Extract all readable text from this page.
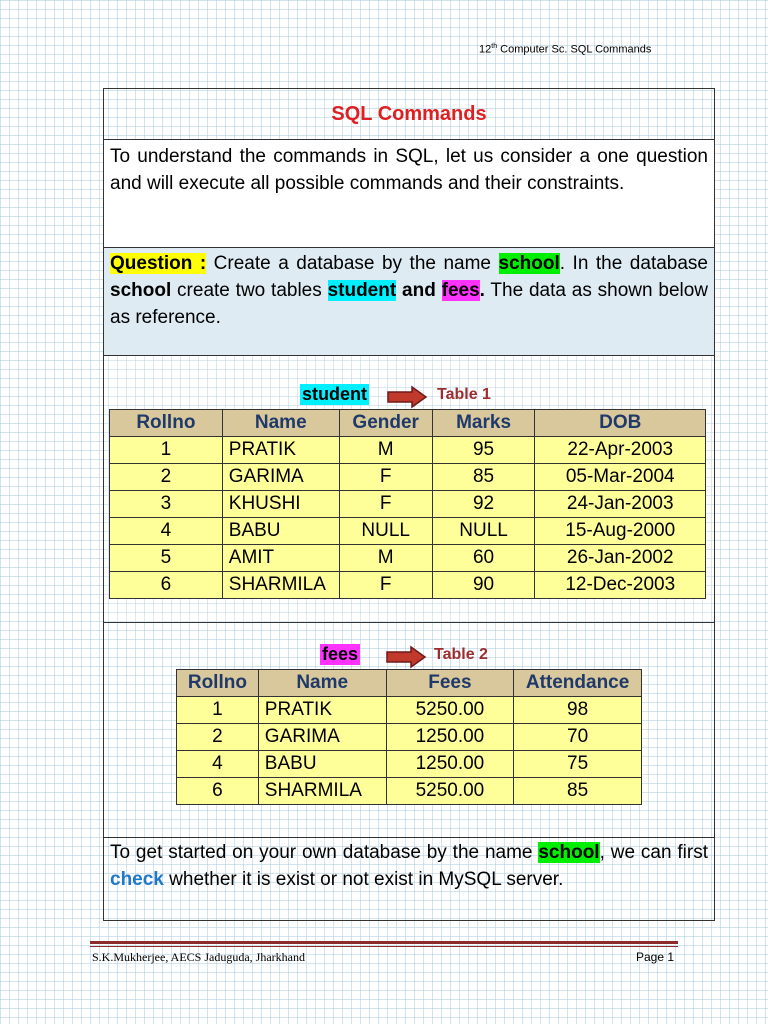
12th Computer Sc. SQL Commands
SQL Commands
To understand the commands in SQL, let us consider a one question and will execute all possible commands and their constraints.
Question : Create a database by the name school. In the database school create two tables student and fees. The data as shown below as reference.
student	Table 1
Rollno	Name	Gender	Marks	DOB
1	PRATIK	M	95	22-Apr-2003
2	GARIMA	F	85	05-Mar-2004
3	KHUSHI	F	92	24-Jan-2003
4	BABU	NULL	NULL	15-Aug-2000
5	AMIT	M	60	26-Jan-2002
6	SHARMILA	F	90	12-Dec-2003
fees	Table 2
Rollno	Name	Fees	Attendance
1	PRATIK	5250.00	98
2	GARIMA	1250.00	70
4	BABU	1250.00	75
6	SHARMILA	5250.00	85
To get started on your own database by the name school, we can first check whether it is exist or not exist in MySQL server.
S.K.Mukherjee, AECS Jaduguda, Jharkhand	Page 1
